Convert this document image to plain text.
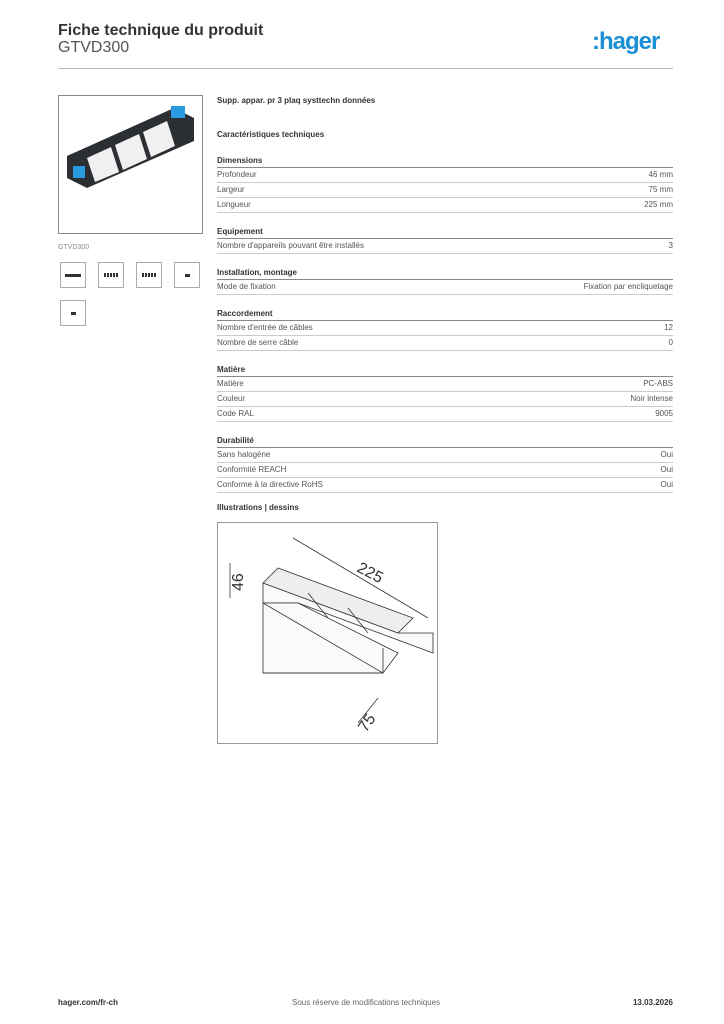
Fiche technique du produit
GTVD300	:hager
GTVD300
Supp. appar. pr 3 plaq systtechn données
Caractéristiques techniques
Dimensions
Profondeur	46 mm
Largeur	75 mm
Longueur	225 mm
Equipement
Nombre d'appareils pouvant être installés	3
Installation, montage
Mode de fixation	Fixation par encliquetage
Raccordement
Nombre d'entrée de câbles	12
Nombre de serre câble	0
Matière
Matière	PC-ABS
Couleur	Noir intense
Code RAL	9005
Durabilité
Sans halogène	Oui
Conformité REACH	Oui
Conforme à la directive RoHS	Oui
Illustrations | dessins
225
46
75
hager.com/fr-ch	Sous réserve de modifications techniques	13.03.2026
